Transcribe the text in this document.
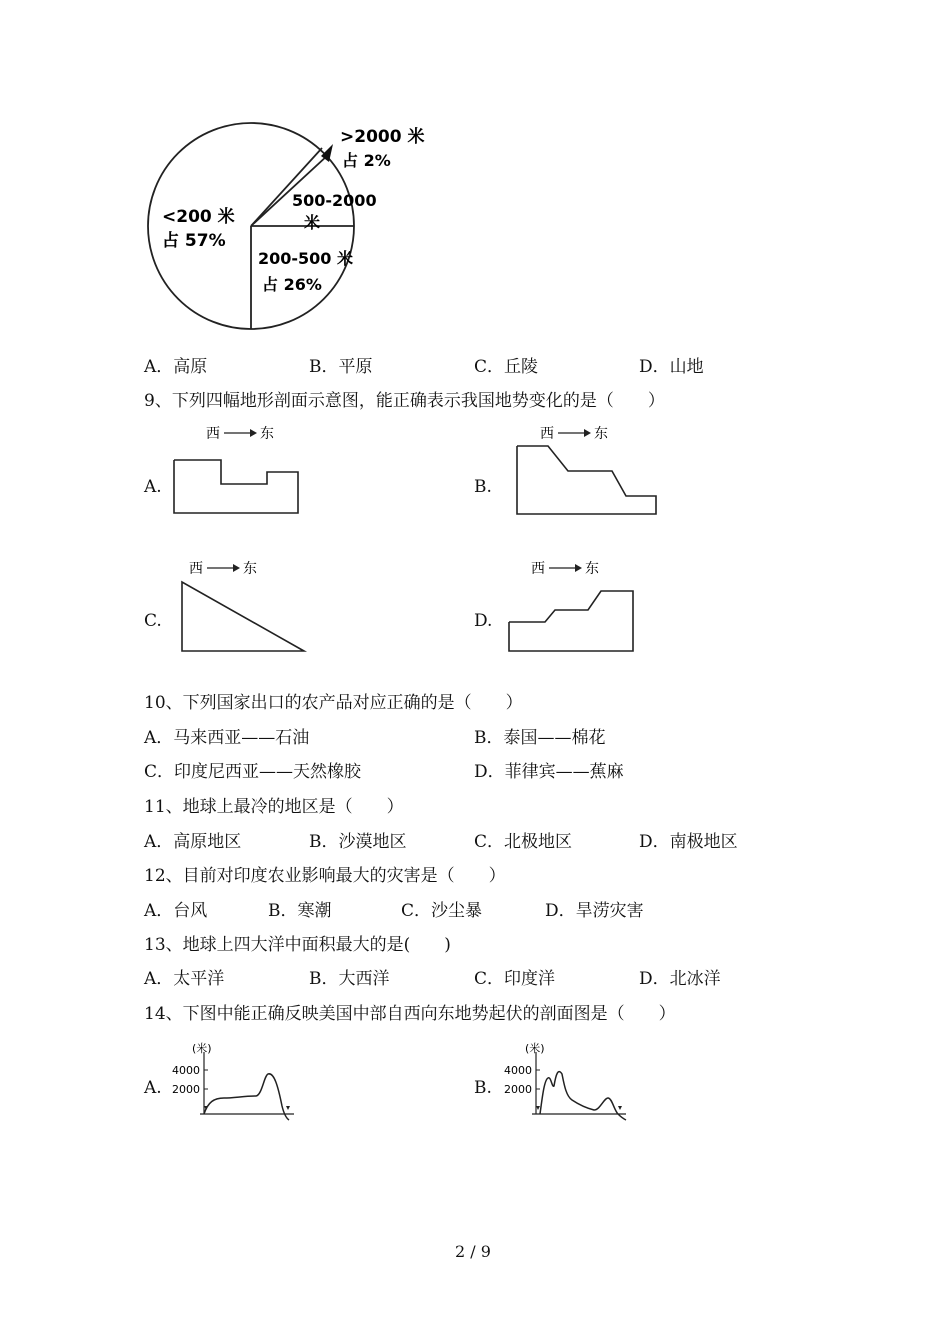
<200 米
占 57%
200-500 米
占 26%
500-2000
米
>2000 米
占 2%
A．高原	B．平原	C．丘陵	D．山地
9、下列四幅地形剖面示意图，能正确表示我国地势变化的是（　　）
A.
西	东
B.
西	东
C.
西	东
D.
西	东
10、下列国家出口的农产品对应正确的是（　　）
A．马来西亚——石油	B．泰国——棉花
C．印度尼西亚——天然橡胶	D．菲律宾——蕉麻
11、地球上最冷的地区是（　　）
A．高原地区	B．沙漠地区	C．北极地区	D．南极地区
12、目前对印度农业影响最大的灾害是（　　）
A．台风	B．寒潮	C．沙尘暴	D．旱涝灾害
13、地球上四大洋中面积最大的是(　　)
A．太平洋	B．大西洋	C．印度洋	D．北冰洋
14、下图中能正确反映美国中部自西向东地势起伏的剖面图是（　　）
A.
(米)
4000
2000	B.
(米)
4000
2000
2 / 9
